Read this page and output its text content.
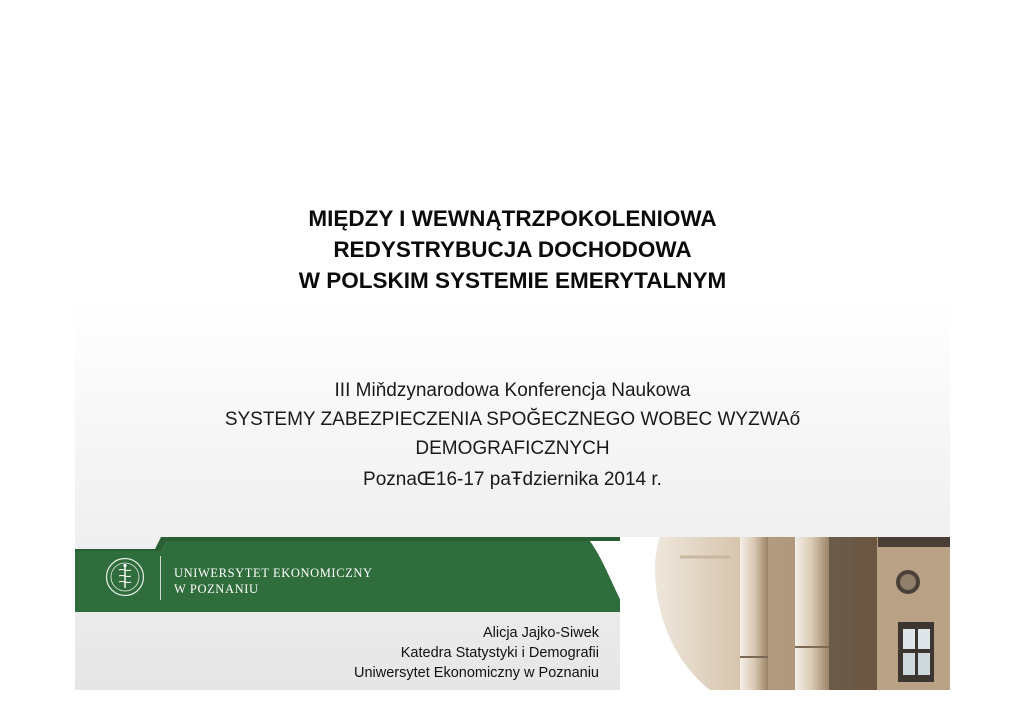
MIĘDZY I WEWNĄTRZPOKOLENIOWA
REDYSTRYBUCJA DOCHODOWA
W POLSKIM SYSTEMIE EMERYTALNYM
III Miňdzynarodowa Konferencja Naukowa
SYSTEMY ZABEZPIECZENIA SPOĞECZNEGO WOBEC WYZWAő
DEMOGRAFICZNYCH
PoznaŒ16-17 paŦdziernika 2014 r.
UNIWERSYTET EKONOMICZNY
W POZNANIU
Alicja Jajko-Siwek
Katedra Statystyki i Demografii
Uniwersytet Ekonomiczny w Poznaniu
